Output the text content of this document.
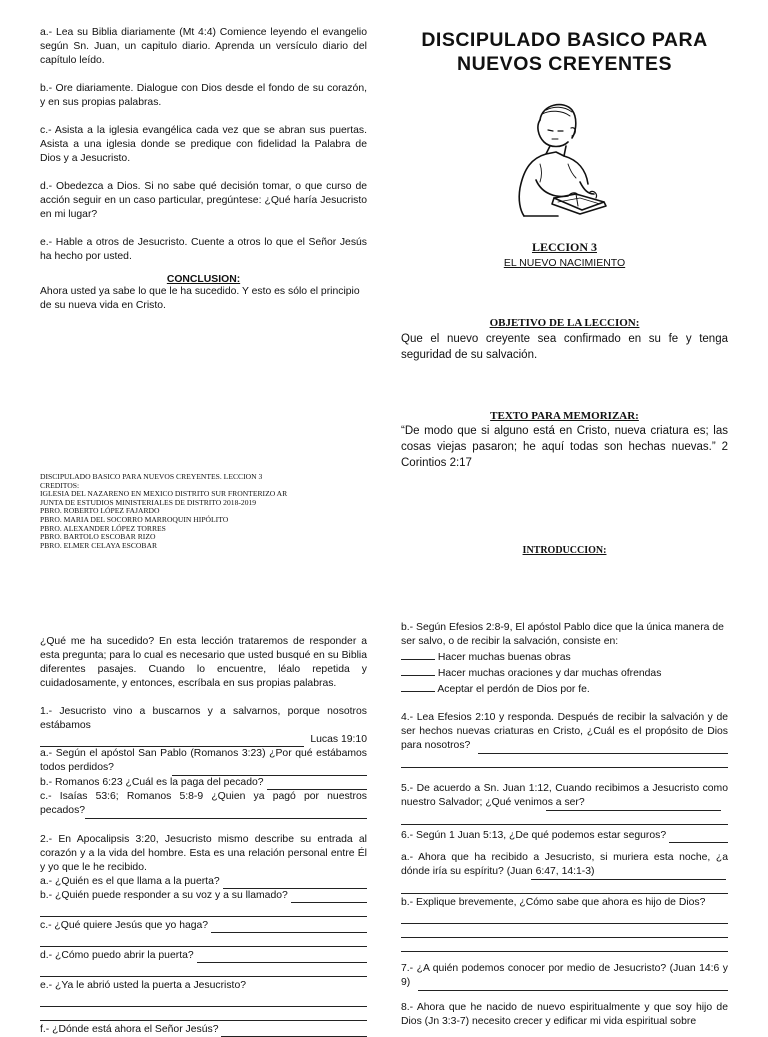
a.- Lea su Biblia diariamente (Mt 4:4) Comience leyendo el evangelio según Sn. Juan, un capitulo diario. Aprenda un versículo diario del capítulo leído.

b.- Ore diariamente. Dialogue con Dios desde el fondo de su corazón, y en sus propias palabras.

c.- Asista a la iglesia evangélica cada vez que se abran sus puertas. Asista a una iglesia donde se predique con fidelidad la Palabra de Dios y a Jesucristo.

d.- Obedezca a Dios. Si no sabe qué decisión tomar, o que curso de acción seguir en un caso particular, pregúntese: ¿Qué haría Jesucristo en mi lugar?

e.- Hable a otros de Jesucristo. Cuente a otros lo que el Señor Jesús ha hecho por usted.

CONCLUSION:

Ahora usted ya sabe lo que le ha sucedido. Y esto es sólo el principio de su nueva vida en Cristo.

DISCIPULADO BASICO PARA NUEVOS CREYENTES. LECCION 3
CREDITOS:
IGLESIA DEL NAZARENO EN MEXICO DISTRITO SUR FRONTERIZO AR
JUNTA DE ESTUDIOS MINISTERIALES DE DISTRITO 2018-2019
PBRO. ROBERTO LÓPEZ FAJARDO
PBRO. MARIA DEL SOCORRO MARROQUIN HIPÓLITO
PBRO. ALEXANDER LÓPEZ TORRES
PBRO. BARTOLO ESCOBAR RIZO
PBRO. ELMER CELAYA ESCOBAR
DISCIPULADO BASICO PARA
NUEVOS CREYENTES
LECCION 3
EL NUEVO NACIMIENTO
OBJETIVO DE LA LECCION:

Que el nuevo creyente sea confirmado en su fe y tenga seguridad de su salvación.

TEXTO PARA MEMORIZAR:

“De modo que si alguno está en Cristo, nueva criatura es; las cosas viejas pasaron; he aquí todas son hechas nuevas.” 2 Corintios 2:17

INTRODUCCION:

¿Qué me ha sucedido? En esta lección trataremos de responder a esta pregunta; para lo cual es necesario que usted busqué en su Biblia diferentes pasajes. Cuando lo encuentre, léalo repetida y cuidadosamente, y entonces, escríbala en sus propias palabras.

1.- Jesucristo vino a buscarnos y a salvarnos, porque nosotros estábamos

Lucas 19:10

a.- Según el apóstol San Pablo (Romanos 3:23) ¿Por qué estábamos todos perdidos?

b.- Romanos 6:23 ¿Cuál es la paga del pecado?

c.- Isaías 53:6; Romanos 5:8-9 ¿Quien ya pagó por nuestros pecados?

2.- En Apocalipsis 3:20, Jesucristo mismo describe su entrada al corazón y a la vida del hombre. Esta es una relación personal entre Él y yo que le he recibido.

a.- ¿Quién es el que llama a la puerta?

b.- ¿Quién puede responder a su voz y a su llamado?

c.- ¿Qué quiere Jesús que yo haga?

d.- ¿Cómo puedo abrir la puerta?

e.- ¿Ya le abrió usted la puerta a Jesucristo?

f.- ¿Dónde está ahora el Señor Jesús?

b.- Según Efesios 2:8-9, El apóstol Pablo dice que la única manera de ser salvo, o de recibir la salvación, consiste en:

Hacer muchas buenas obras
Hacer muchas oraciones y dar muchas ofrendas
Aceptar el perdón de Dios por fe.

4.- Lea Efesios 2:10 y responda. Después de recibir la salvación y de ser hechos nuevas criaturas en Cristo, ¿Cuál es el propósito de Dios para nosotros?

5.- De acuerdo a Sn. Juan 1:12, Cuando recibimos a Jesucristo como nuestro Salvador; ¿Qué venimos a ser?

6.- Según 1 Juan 5:13, ¿De qué podemos estar seguros?

a.- Ahora que ha recibido a Jesucristo, si muriera esta noche, ¿a dónde iría su espíritu? (Juan 6:47, 14:1-3)

b.- Explique brevemente, ¿Cómo sabe que ahora es hijo de Dios?

7.- ¿A quién podemos conocer por medio de Jesucristo? (Juan 14:6 y 9)

8.- Ahora que he nacido de nuevo espiritualmente y que soy hijo de Dios (Jn 3:3-7) necesito crecer y edificar mi vida espiritual sobre
